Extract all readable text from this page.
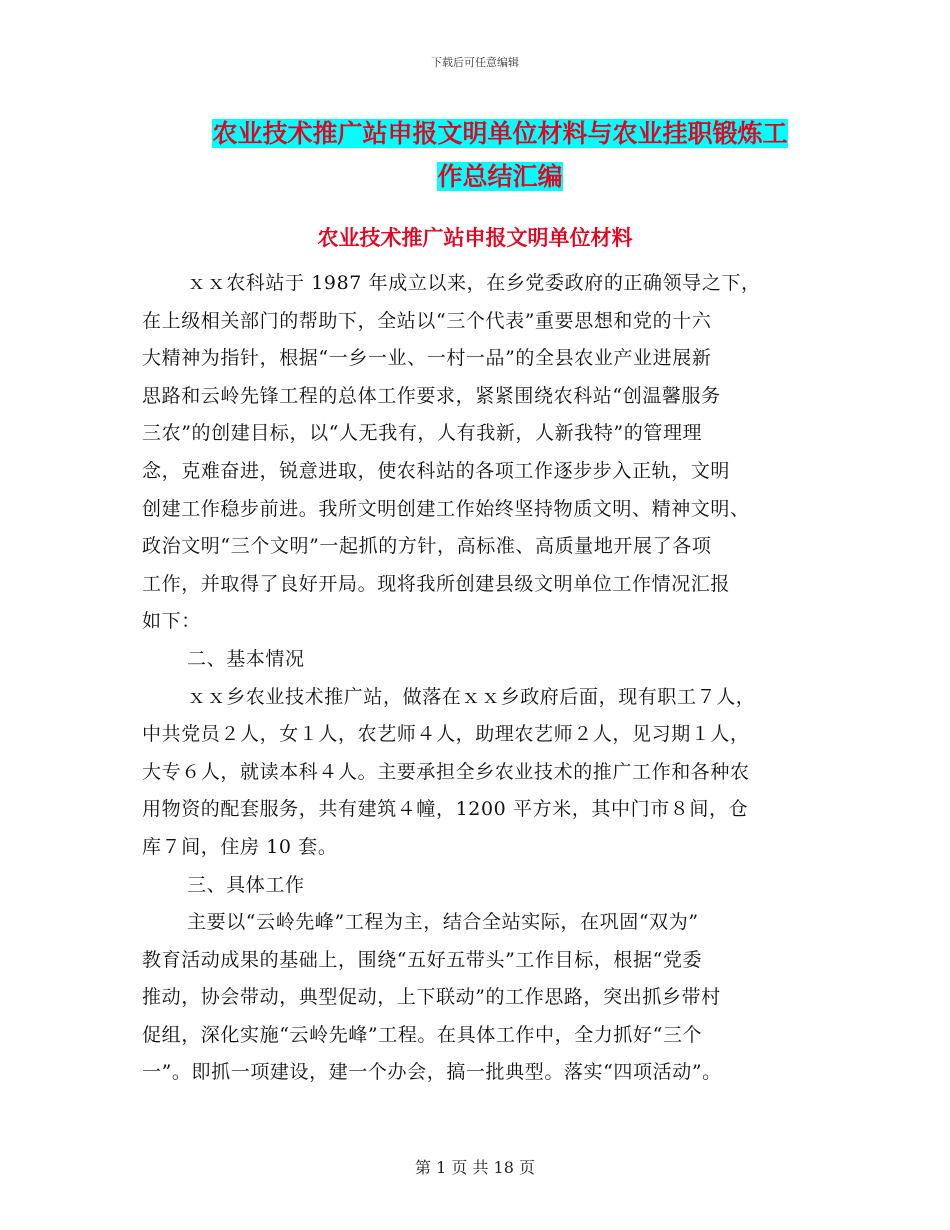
下载后可任意编辑
农业技术推广站申报文明单位材料与农业挂职锻炼工
作总结汇编
农业技术推广站申报文明单位材料

ｘｘ农科站于 1987 年成立以来，在乡党委政府的正确领导之下，

在上级相关部门的帮助下，全站以“三个代表”重要思想和党的十六

大精神为指针，根据“一乡一业、一村一品”的全县农业产业进展新

思路和云岭先锋工程的总体工作要求，紧紧围绕农科站“创温馨服务

三农”的创建目标，以“人无我有，人有我新，人新我特”的管理理

念，克难奋进，锐意进取，使农科站的各项工作逐步步入正轨，文明

创建工作稳步前进。我所文明创建工作始终坚持物质文明、精神文明、

政治文明“三个文明”一起抓的方针，高标准、高质量地开展了各项

工作，并取得了良好开局。现将我所创建县级文明单位工作情况汇报

如下：

二、基本情况

ｘｘ乡农业技术推广站，做落在ｘｘ乡政府后面，现有职工７人，

中共党员２人，女１人，农艺师４人，助理农艺师２人，见习期１人，

大专６人，就读本科４人。主要承担全乡农业技术的推广工作和各种农

用物资的配套服务，共有建筑４幢，1200 平方米，其中门市８间，仓

库７间，住房 10 套。

三、具体工作

主要以“云岭先峰”工程为主，结合全站实际，在巩固“双为”

教育活动成果的基础上，围绕“五好五带头”工作目标，根据“党委

推动，协会带动，典型促动，上下联动”的工作思路，突出抓乡带村

促组，深化实施“云岭先峰”工程。在具体工作中，全力抓好“三个

一”。即抓一项建设，建一个办会，搞一批典型。落实“四项活动”。

第 1 页 共 18 页
